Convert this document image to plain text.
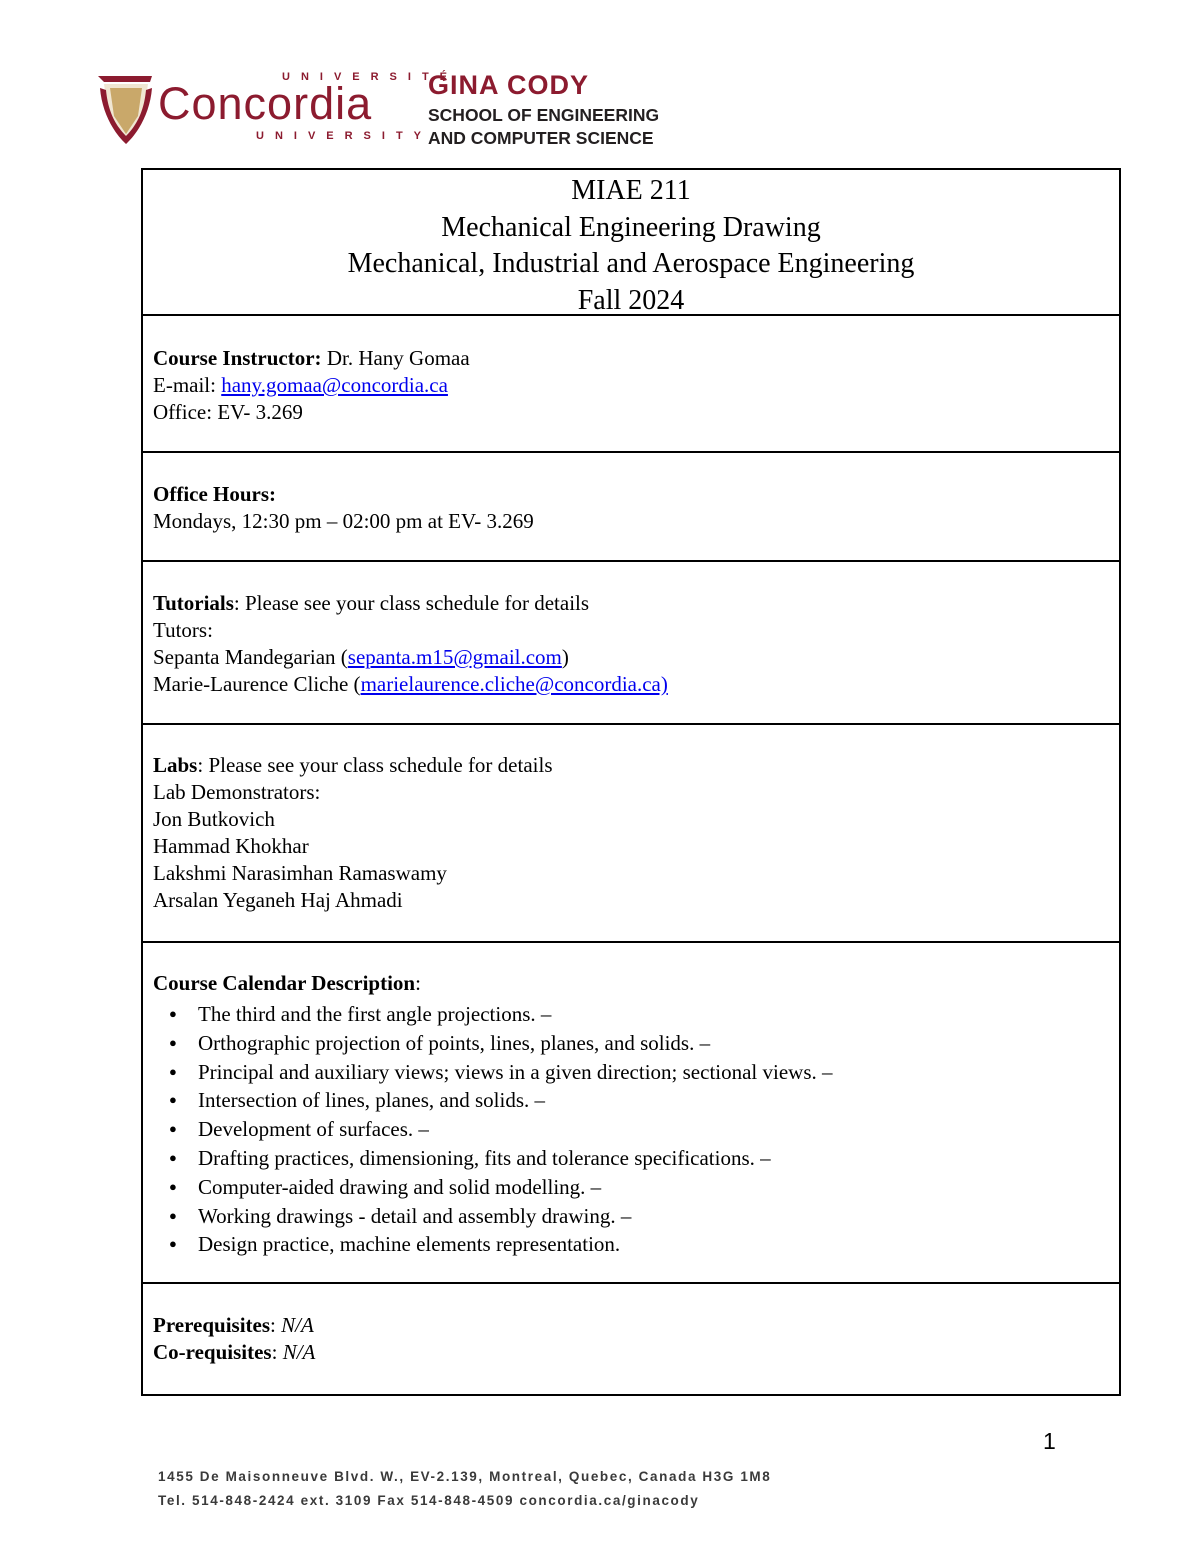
UNIVERSITÉ
Concordia
UNIVERSITY
GINA CODY
SCHOOL OF ENGINEERING
AND COMPUTER SCIENCE
MIAE 211
Mechanical Engineering Drawing
Mechanical, Industrial and Aerospace Engineering
Fall 2024
Course Instructor: Dr. Hany Gomaa
E-mail: hany.gomaa@concordia.ca
Office: EV- 3.269
Office Hours:
Mondays, 12:30 pm – 02:00 pm at EV- 3.269
Tutorials: Please see your class schedule for details
Tutors:
Sepanta Mandegarian (sepanta.m15@gmail.com)
Marie-Laurence Cliche (marielaurence.cliche@concordia.ca)
Labs: Please see your class schedule for details
Lab Demonstrators:
Jon Butkovich
Hammad Khokhar
Lakshmi Narasimhan Ramaswamy
Arsalan Yeganeh Haj Ahmadi
Course Calendar Description:
● The third and the first angle projections. –
● Orthographic projection of points, lines, planes, and solids. –
● Principal and auxiliary views; views in a given direction; sectional views. –
● Intersection of lines, planes, and solids. –
● Development of surfaces. –
● Drafting practices, dimensioning, fits and tolerance specifications. –
● Computer-aided drawing and solid modelling. –
● Working drawings - detail and assembly drawing. –
● Design practice, machine elements representation.
Prerequisites: N/A
Co-requisites: N/A
1
1455 De Maisonneuve Blvd. W., EV-2.139, Montreal, Quebec, Canada H3G 1M8
Tel. 514-848-2424 ext. 3109 Fax 514-848-4509 concordia.ca/ginacody
